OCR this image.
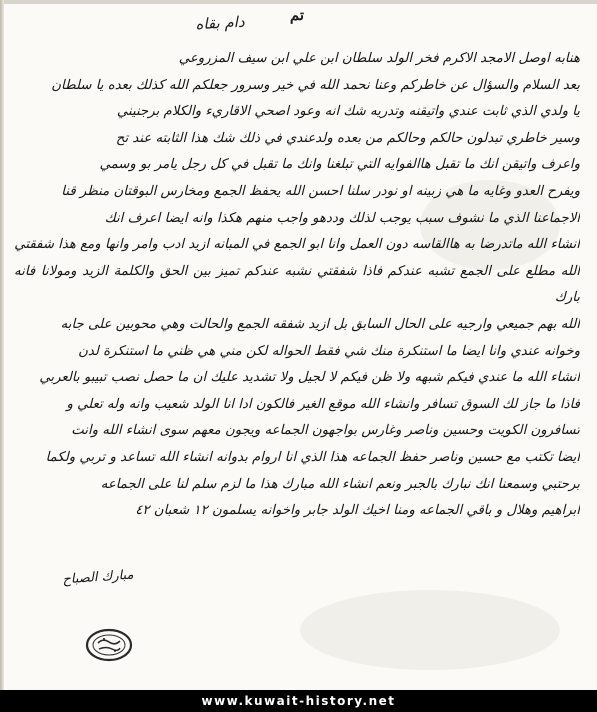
تم
دام بقاه
هنابه اوصل الامجد الاكرم فخر الولد سلطان ابن علي ابن سيف المزروعي
بعد السلام والسؤال عن خاطركم وعنا نحمد الله في خير وسرور جعلكم الله كذلك بعده يا سلطان
يا ولدي الذي ثابت عندي واتيقنه وتدريه شك انه وعود اصحي الاقاريء والكلام برجنيني
وسير خاطري تبدلون حالكم وحالكم من بعده ولدعندي في ذلك شك هذا الثابته عند تح
واعرف واتيقن انك ما تقبل هاالفوايه التي تبلغنا وانك ما تقبل في كل رجل يامر بو وسمي
ويفرح العدو وغايه ما هي زبينه او نودر سلنا احسن الله يحفظ الجمع ومخارس البوقتان منظر قنا
الاجماعنا الذي ما نشوف سبب يوجب لذلك وددهو واجب منهم هكذا وانه ايضا اعرف انك
انشاء الله ماتدرضا به هاالقاسه دون العمل وانا ابو الجمع في المبانه ازيد ادب وامر وانها ومع هذا شفقتي
الله مطلع على الجمع تشبه عندكم فاذا شفقتي نشبه عندكم تميز بين الحق والكلمة الزيد ومولانا فانه بارك
الله بهم جميعي وارجيه على الحال السابق بل ازيد شفقه الجمع والحالت وهي محوبين على جابه
وخوانه عندي وانا ايضا ما استنكرة منك شي فقط الحواله لكن مني هي ظني ما استنكرة لدن
انشاء الله ما عندي فيكم شبهه ولا ظن فيكم لا لجيل ولا تشديد عليك ان ما حصل نصب تبيبو بالعربي
فاذا ما جاز لك السوق تسافر وانشاء الله موقع الغير فالكون ادا انا الولد شعيب وانه وله تعلي و
تسافرون الكويت وحسين وناصر وغارس بواجهون الجماعه ويجون معهم سوى انشاء الله وانت
ايضا تكتب مع حسين وناصر حفظ الجماعه هذا الذي انا اروام بدوانه انشاء الله تساعد و تربي ولكما
برحتبي وسمعنا انك نبارك بالجبر ونعم انشاء الله مبارك هذا ما لزم سلم لنا على الجماعه
ابراهيم وهلال و باقي الجماعه ومنا اخيك الولد جابر واخوانه يسلمون ١٢ شعبان ٤٢
مبارك الصباح
www.kuwait-history.net
